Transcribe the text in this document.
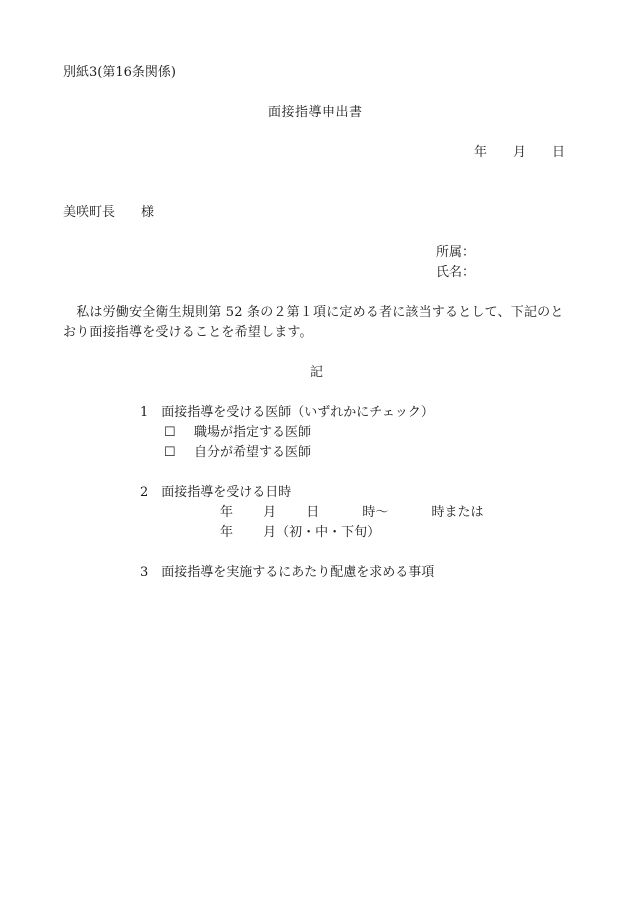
別紙3(第16条関係)
面接指導申出書
年 月 日
美咲町長　　様
所属：
氏名：
　私は労働安全衛生規則第 52 条の２第１項に定める者に該当するとして、下記のと
おり面接指導を受けることを希望します。
記
1　面接指導を受ける医師（いずれかにチェック）
☐ 職場が指定する医師
☐ 自分が希望する医師
2　面接指導を受ける日時
年　　 月　　 日　　　 時～　　　 時または
年　　 月（初・中・下旬）
3　面接指導を実施するにあたり配慮を求める事項
